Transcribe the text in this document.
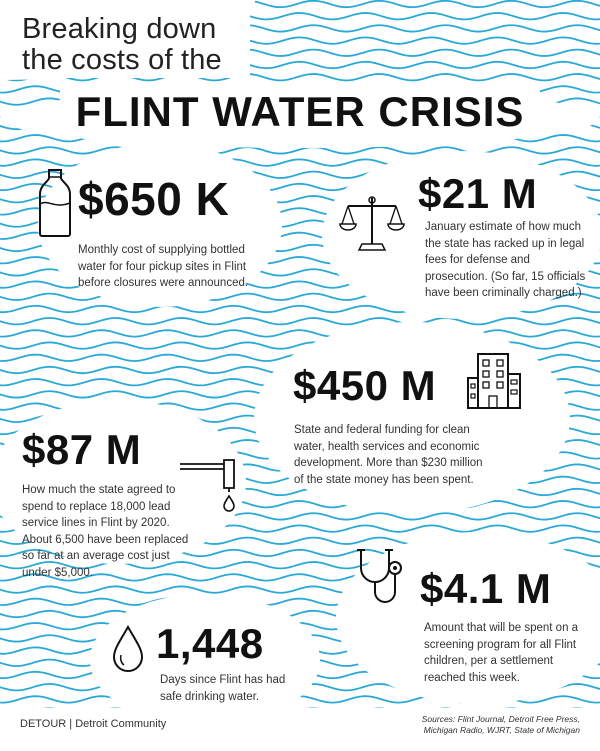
Breaking down
the costs of the
FLINT WATER CRISIS
$650 K
Monthly cost of supplying bottled water for four pickup sites in Flint before closures were announced.
$21 M
January estimate of how much the state has racked up in legal fees for defense and prosecution. (So far, 15 officials have been criminally charged.)
$450 M
State and federal funding for clean water, health services and economic development. More than $230 million of the state money has been spent.
$87 M
How much the state agreed to spend to replace 18,000 lead service lines in Flint by 2020. About 6,500 have been replaced so far at an average cost just under $5,000.	$4.1 M
Amount that will be spent on a screening program for all Flint children, per a settlement reached this week.
1,448
Days since Flint has had safe drinking water.
DETOUR | Detroit Community	Sources: Flint Journal, Detroit Free Press, Michigan Radio, WJRT, State of Michigan
